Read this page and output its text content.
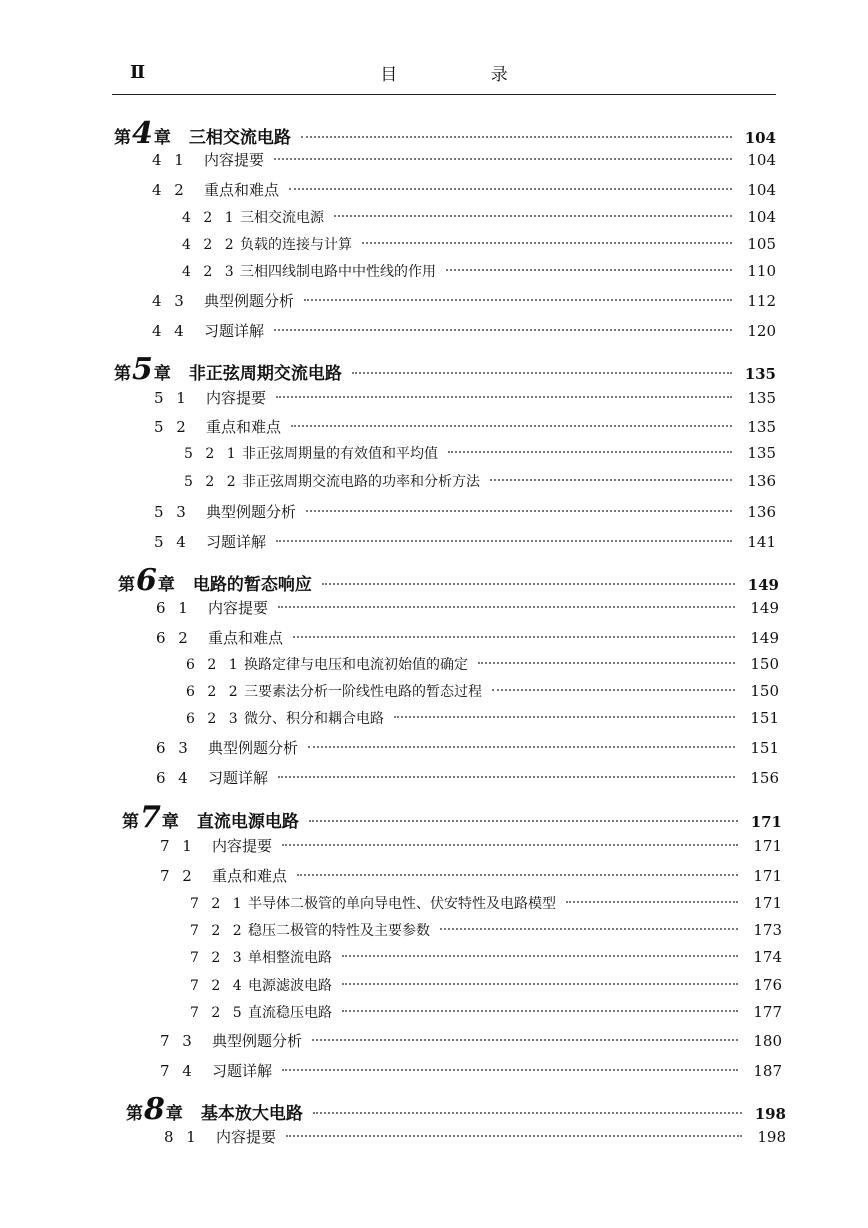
Ⅱ	目 录
第4章 三相交流电路	104
4 1	内容提要	104
4 2	重点和难点	104
4 2 1 三相交流电源	104
4 2 2 负载的连接与计算	105
4 2 3 三相四线制电路中中性线的作用	110
4 3	典型例题分析	112
4 4	习题详解	120
第5章 非正弦周期交流电路	135
5 1	内容提要	135
5 2	重点和难点	135
5 2 1 非正弦周期量的有效值和平均值	135
5 2 2 非正弦周期交流电路的功率和分析方法	136
5 3	典型例题分析	136
5 4	习题详解	141
第6章 电路的暂态响应	149
6 1	内容提要	149
6 2	重点和难点	149
6 2 1 换路定律与电压和电流初始值的确定	150
6 2 2 三要素法分析一阶线性电路的暂态过程	150
6 2 3 微分、积分和耦合电路	151
6 3	典型例题分析	151
6 4	习题详解	156
第7章 直流电源电路	171
7 1	内容提要	171
7 2	重点和难点	171
7 2 1 半导体二极管的单向导电性、伏安特性及电路模型	171
7 2 2 稳压二极管的特性及主要参数	173
7 2 3 单相整流电路	174
7 2 4 电源滤波电路	176
7 2 5 直流稳压电路	177
7 3	典型例题分析	180
7 4	习题详解	187
第8章 基本放大电路	198
8 1	内容提要	198
